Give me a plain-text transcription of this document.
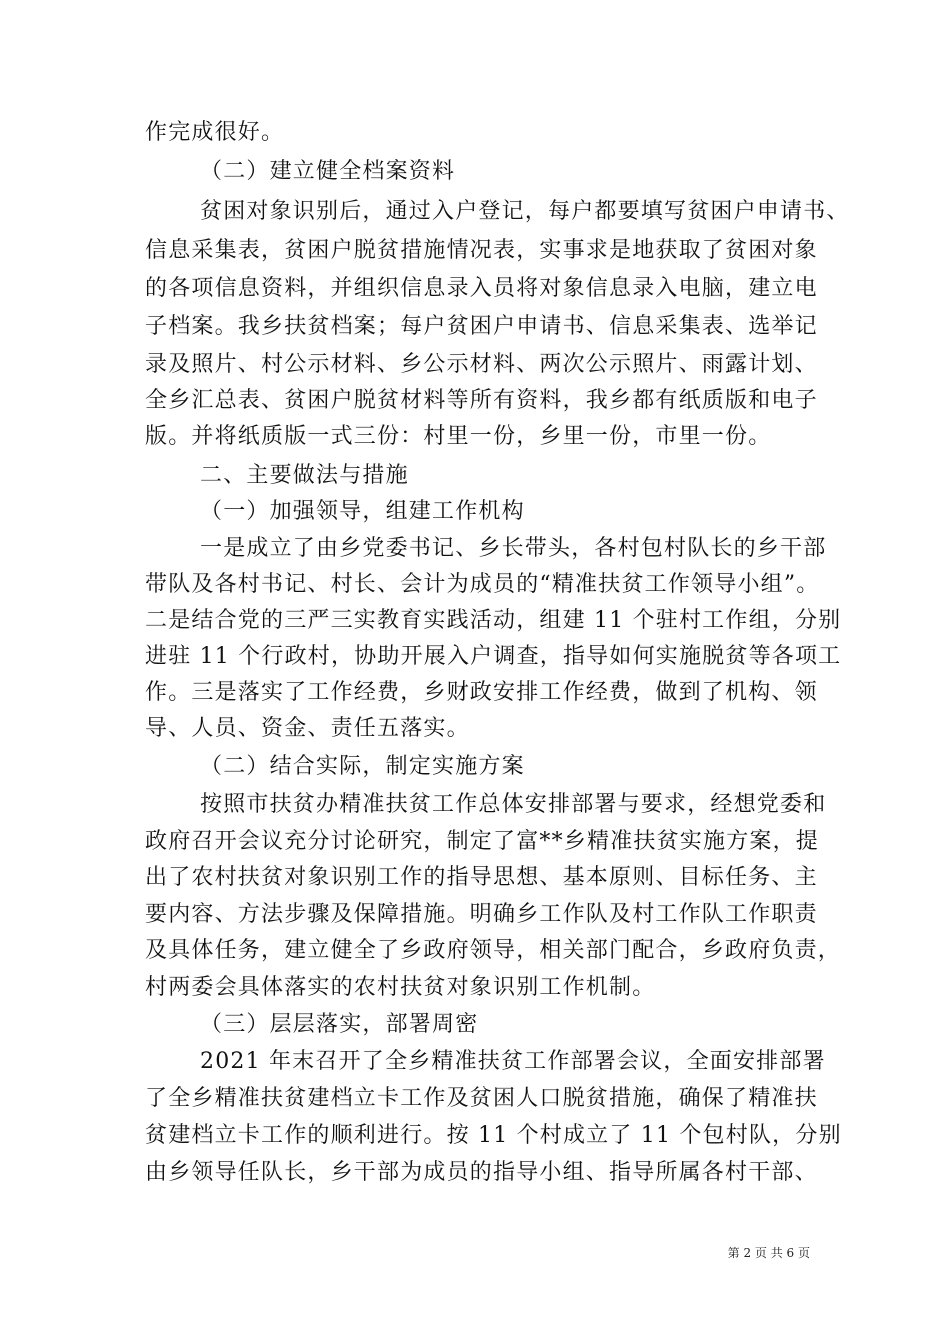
作完成很好。
（二）建立健全档案资料
贫困对象识别后，通过入户登记，每户都要填写贫困户申请书、
信息采集表，贫困户脱贫措施情况表，实事求是地获取了贫困对象
的各项信息资料，并组织信息录入员将对象信息录入电脑，建立电
子档案。我乡扶贫档案；每户贫困户申请书、信息采集表、选举记
录及照片、村公示材料、乡公示材料、两次公示照片、雨露计划、
全乡汇总表、贫困户脱贫材料等所有资料，我乡都有纸质版和电子
版。并将纸质版一式三份：村里一份，乡里一份，市里一份。
二、主要做法与措施
（一）加强领导，组建工作机构
一是成立了由乡党委书记、乡长带头，各村包村队长的乡干部
带队及各村书记、村长、会计为成员的“精准扶贫工作领导小组”。
二是结合党的三严三实教育实践活动，组建 11 个驻村工作组，分别
进驻 11 个行政村，协助开展入户调查，指导如何实施脱贫等各项工
作。三是落实了工作经费，乡财政安排工作经费，做到了机构、领
导、人员、资金、责任五落实。
（二）结合实际，制定实施方案
按照市扶贫办精准扶贫工作总体安排部署与要求，经想党委和
政府召开会议充分讨论研究，制定了富**乡精准扶贫实施方案，提
出了农村扶贫对象识别工作的指导思想、基本原则、目标任务、主
要内容、方法步骤及保障措施。明确乡工作队及村工作队工作职责
及具体任务，建立健全了乡政府领导，相关部门配合，乡政府负责，
村两委会具体落实的农村扶贫对象识别工作机制。
（三）层层落实，部署周密
2021 年末召开了全乡精准扶贫工作部署会议，全面安排部署
了全乡精准扶贫建档立卡工作及贫困人口脱贫措施，确保了精准扶
贫建档立卡工作的顺利进行。按 11 个村成立了 11 个包村队，分别
由乡领导任队长，乡干部为成员的指导小组、指导所属各村干部、
第 2 页 共 6 页
